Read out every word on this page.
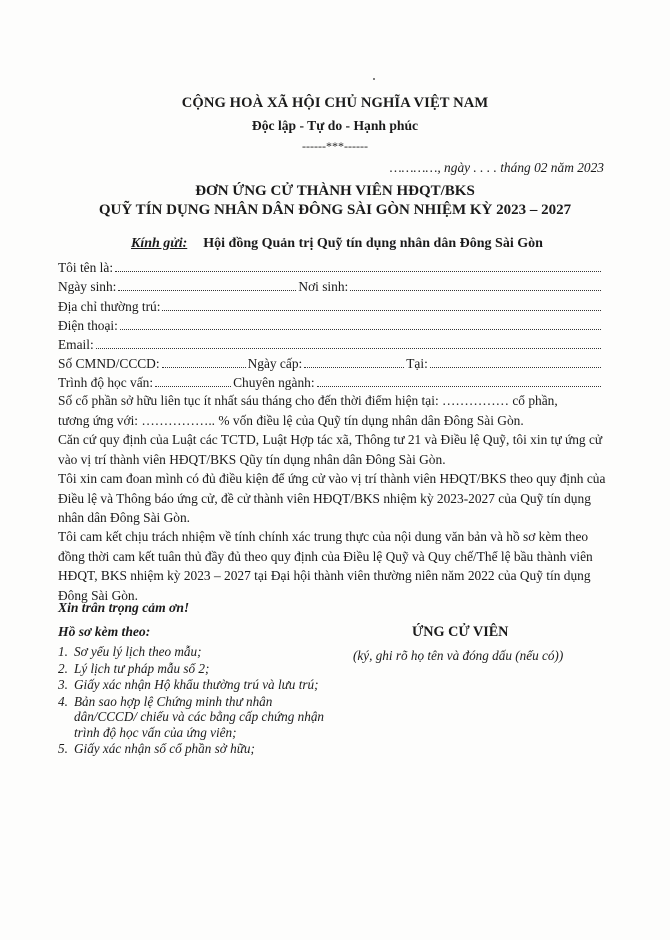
CỘNG HOÀ XÃ HỘI CHỦ NGHĨA VIỆT NAM
Độc lập - Tự do - Hạnh phúc
------***------
…………, ngày . . . . tháng 02 năm 2023
ĐƠN ỨNG CỬ THÀNH VIÊN HĐQT/BKS
QUỸ TÍN DỤNG NHÂN DÂN ĐÔNG SÀI GÒN NHIỆM KỲ 2023 – 2027
Kính gửi: Hội đồng Quản trị Quỹ tín dụng nhân dân Đông Sài Gòn
Tôi tên là:
Ngày sinh:	Nơi sinh:
Địa chỉ thường trú:
Điện thoại:
Email:
Số CMND/CCCD:	Ngày cấp:	Tại:
Trình độ học vấn:	Chuyên ngành:
Số cổ phần sở hữu liên tục ít nhất sáu tháng cho đến thời điểm hiện tại: …………… cổ phần,
tương ứng với: …………….. % vốn điều lệ của Quỹ tín dụng nhân dân Đông Sài Gòn.
Căn cứ quy định của Luật các TCTD, Luật Hợp tác xã, Thông tư 21 và Điều lệ Quỹ, tôi xin tự ứng cử vào vị trí thành viên HĐQT/BKS Qũy tín dụng nhân dân Đông Sài Gòn.
Tôi xin cam đoan mình có đủ điều kiện để ứng cử vào vị trí thành viên HĐQT/BKS theo quy định của Điều lệ và Thông báo ứng cử, đề cử thành viên HĐQT/BKS nhiệm kỳ 2023-2027 của Quỹ tín dụng nhân dân Đông Sài Gòn.
Tôi cam kết chịu trách nhiệm về tính chính xác trung thực của nội dung văn bản và hồ sơ kèm theo đồng thời cam kết tuân thủ đầy đủ theo quy định của Điều lệ Quỹ và Quy chế/Thể lệ bầu thành viên HĐQT, BKS nhiệm kỳ 2023 – 2027 tại Đại hội thành viên thường niên năm 2022 của Quỹ tín dụng Đông Sài Gòn.
Xin trân trọng cảm ơn!
Hồ sơ kèm theo:
1. Sơ yếu lý lịch theo mẫu;
2. Lý lịch tư pháp mẫu số 2;
3. Giấy xác nhận Hộ khẩu thường trú và lưu trú;
4. Bản sao hợp lệ Chứng minh thư nhân dân/CCCD/ chiếu và các bằng cấp chứng nhận trình độ học vấn của ứng viên;
5. Giấy xác nhận số cổ phần sở hữu;
ỨNG CỬ VIÊN
(ký, ghi rõ họ tên và đóng dấu (nếu có))
